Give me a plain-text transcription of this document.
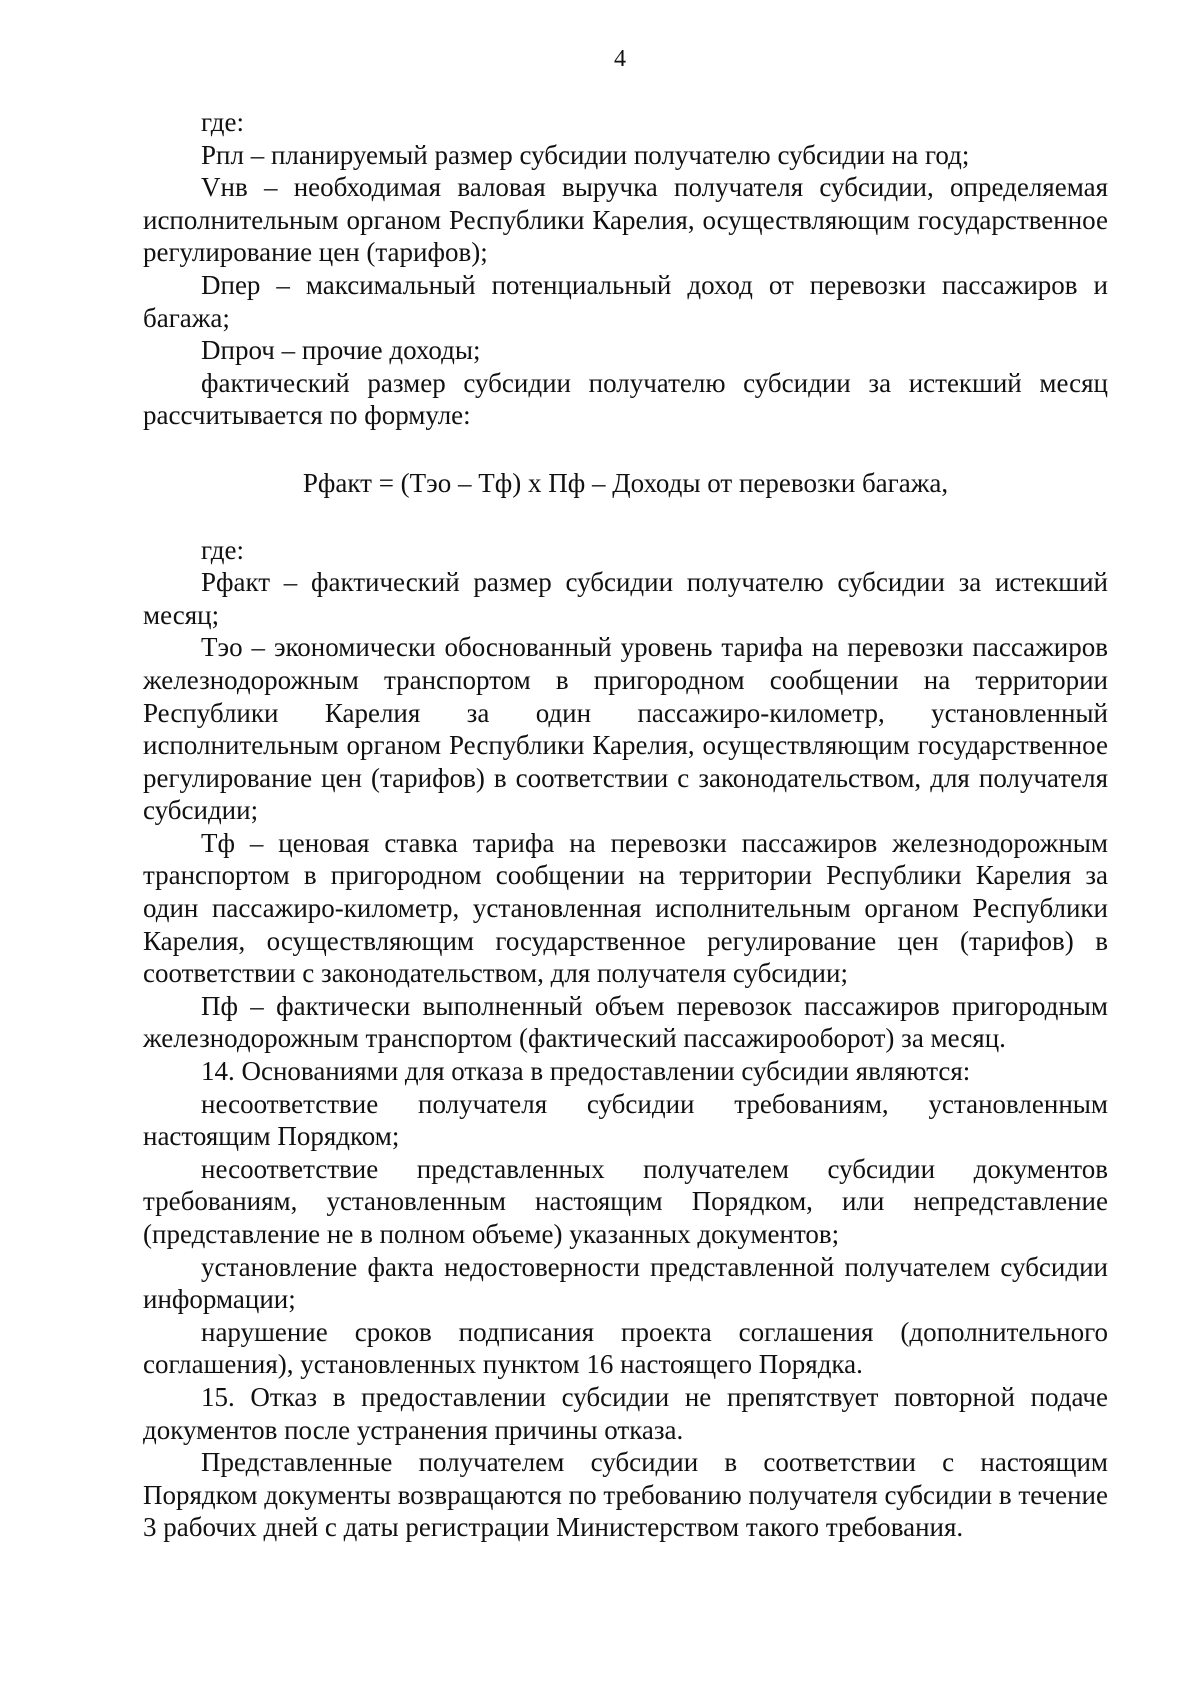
4

где:

Рпл – планируемый размер субсидии получателю субсидии на год;

Vнв – необходимая валовая выручка получателя субсидии, определяемая исполнительным органом Республики Карелия, осуществляющим государственное регулирование цен (тарифов);

Dпер – максимальный потенциальный доход от перевозки пассажиров и багажа;

Dпроч – прочие доходы;

фактический размер субсидии получателю субсидии за истекший месяц рассчитывается по формуле:

Рфакт = (Тэо – Тф) х Пф – Доходы от перевозки багажа,

где:

Рфакт – фактический размер субсидии получателю субсидии за истекший месяц;

Тэо – экономически обоснованный уровень тарифа на перевозки пассажиров железнодорожным транспортом в пригородном сообщении на территории Республики Карелия за один пассажиро-километр, установленный исполнительным органом Республики Карелия, осуществляющим государственное регулирование цен (тарифов) в соответствии с законодательством, для получателя субсидии;

Тф – ценовая ставка тарифа на перевозки пассажиров железнодорожным транспортом в пригородном сообщении на территории Республики Карелия за один пассажиро-километр, установленная исполнительным органом Республики Карелия, осуществляющим государственное регулирование цен (тарифов) в соответствии с законодательством, для получателя субсидии;

Пф – фактически выполненный объем перевозок пассажиров пригородным железнодорожным транспортом (фактический пассажирооборот) за месяц.

14. Основаниями для отказа в предоставлении субсидии являются:

несоответствие получателя субсидии требованиям, установленным настоящим Порядком;

несоответствие представленных получателем субсидии документов требованиям, установленным настоящим Порядком, или непредставление (представление не в полном объеме) указанных документов;

установление факта недостоверности представленной получателем субсидии информации;

нарушение сроков подписания проекта соглашения (дополнительного соглашения), установленных пунктом 16 настоящего Порядка.

15. Отказ в предоставлении субсидии не препятствует повторной подаче документов после устранения причины отказа.

Представленные получателем субсидии в соответствии с настоящим Порядком документы возвращаются по требованию получателя субсидии в течение 3 рабочих дней с даты регистрации Министерством такого требования.
